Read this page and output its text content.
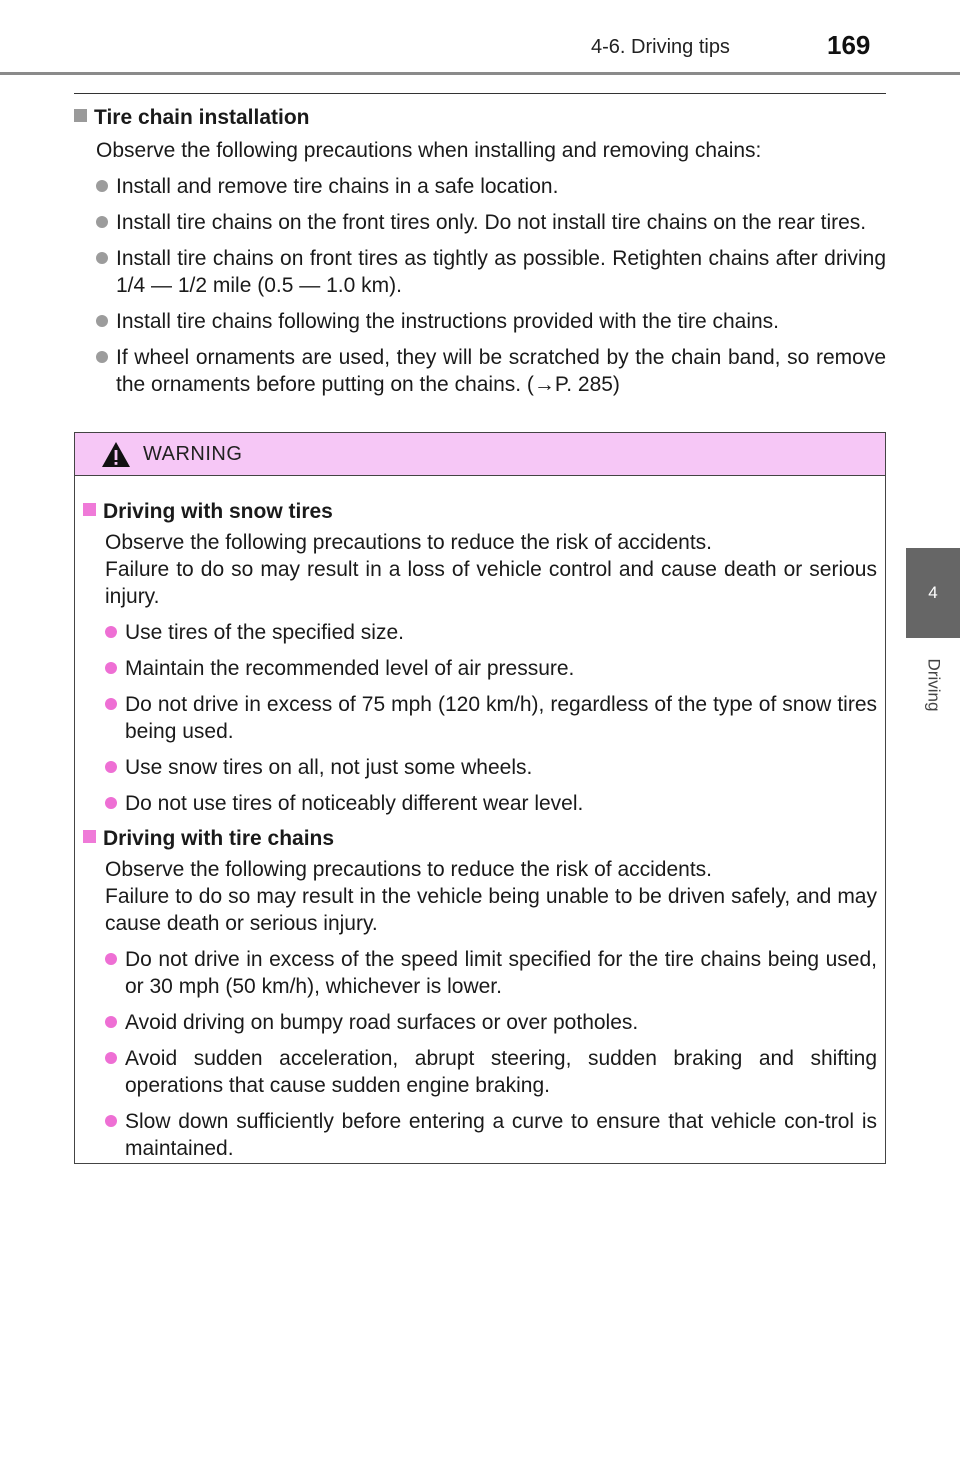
4-6. Driving tips	169
4
Driving
Tire chain installation
Observe the following precautions when installing and removing chains:
Install and remove tire chains in a safe location.
Install tire chains on the front tires only. Do not install tire chains on the rear tires.
Install tire chains on front tires as tightly as possible. Retighten chains after driving 1/4 — 1/2 mile (0.5 — 1.0 km).
Install tire chains following the instructions provided with the tire chains.
If wheel ornaments are used, they will be scratched by the chain band, so remove the ornaments before putting on the chains. (→P. 285)
WARNING
Driving with snow tires
Observe the following precautions to reduce the risk of accidents.
Failure to do so may result in a loss of vehicle control and cause death or serious injury.
Use tires of the specified size.
Maintain the recommended level of air pressure.
Do not drive in excess of 75 mph (120 km/h), regardless of the type of snow tires being used.
Use snow tires on all, not just some wheels.
Do not use tires of noticeably different wear level.
Driving with tire chains
Observe the following precautions to reduce the risk of accidents.
Failure to do so may result in the vehicle being unable to be driven safely, and may cause death or serious injury.
Do not drive in excess of the speed limit specified for the tire chains being used, or 30 mph (50 km/h), whichever is lower.
Avoid driving on bumpy road surfaces or over potholes.
Avoid sudden acceleration, abrupt steering, sudden braking and shifting operations that cause sudden engine braking.
Slow down sufficiently before entering a curve to ensure that vehicle con-trol is maintained.
